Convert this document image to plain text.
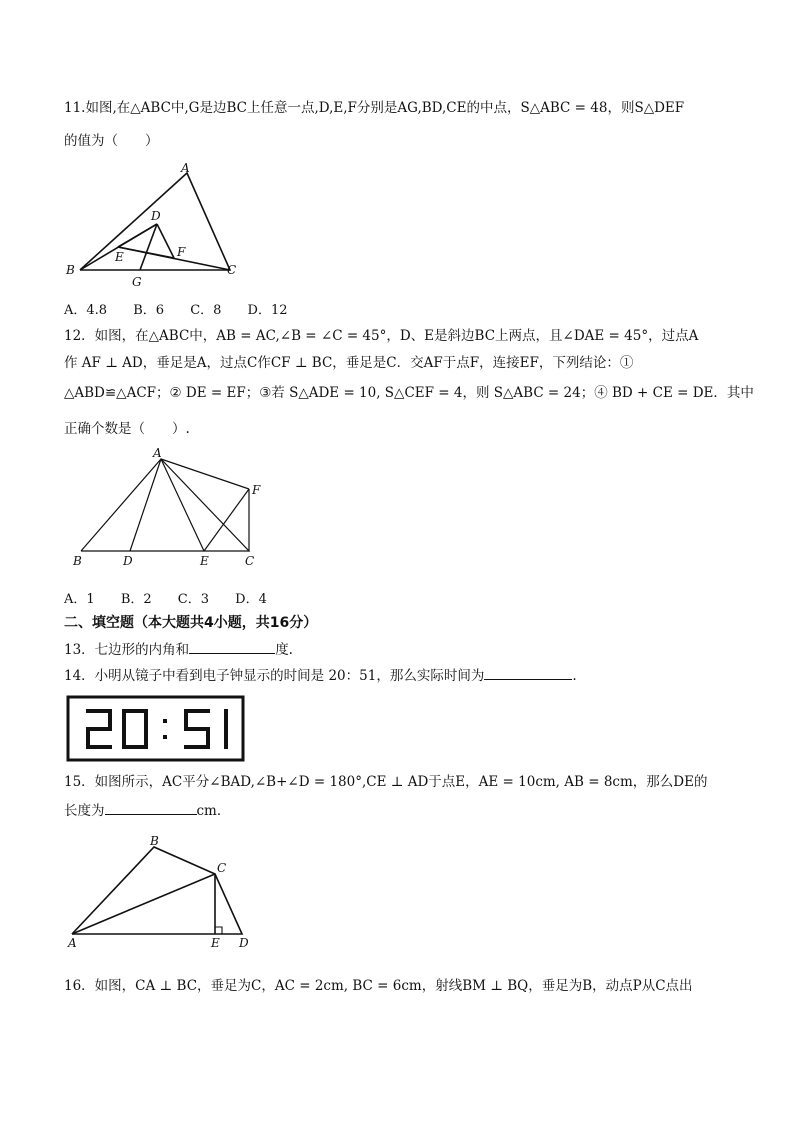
11.如图,在△ABC中,G是边BC上任意一点,D,E,F分别是AG,BD,CE的中点，S△ABC = 48，则S△DEF
的值为（　　）
A
B	C
D
E	F
G
A．4.8 B．6 C．8 D．12
12．如图，在△ABC中，AB = AC,∠B = ∠C = 45°，D、E是斜边BC上两点，且∠DAE = 45°，过点A
作 AF ⊥ AD，垂足是A，过点C作CF ⊥ BC，垂足是C．交AF于点F，连接EF，下列结论：①
△ABD≌△ACF；② DE = EF；③若 S△ADE = 10, S△CEF = 4，则 S△ABC = 24；④ BD + CE = DE．其中
正确个数是（　　）.
A
B	C
D	E
F
A．1 B．2 C．3 D．4
二、填空题（本大题共4小题，共16分）
13．七边形的内角和	度.
14．小明从镜子中看到电子钟显示的时间是 20：51，那么实际时间为	.
15．如图所示，AC平分∠BAD,∠B+∠D = 180°,CE ⊥ AD于点E，AE = 10cm, AB = 8cm，那么DE的
长度为	cm．
A
B
C
E D
16．如图，CA ⊥ BC，垂足为C，AC = 2cm, BC = 6cm，射线BM ⊥ BQ，垂足为B，动点P从C点出
